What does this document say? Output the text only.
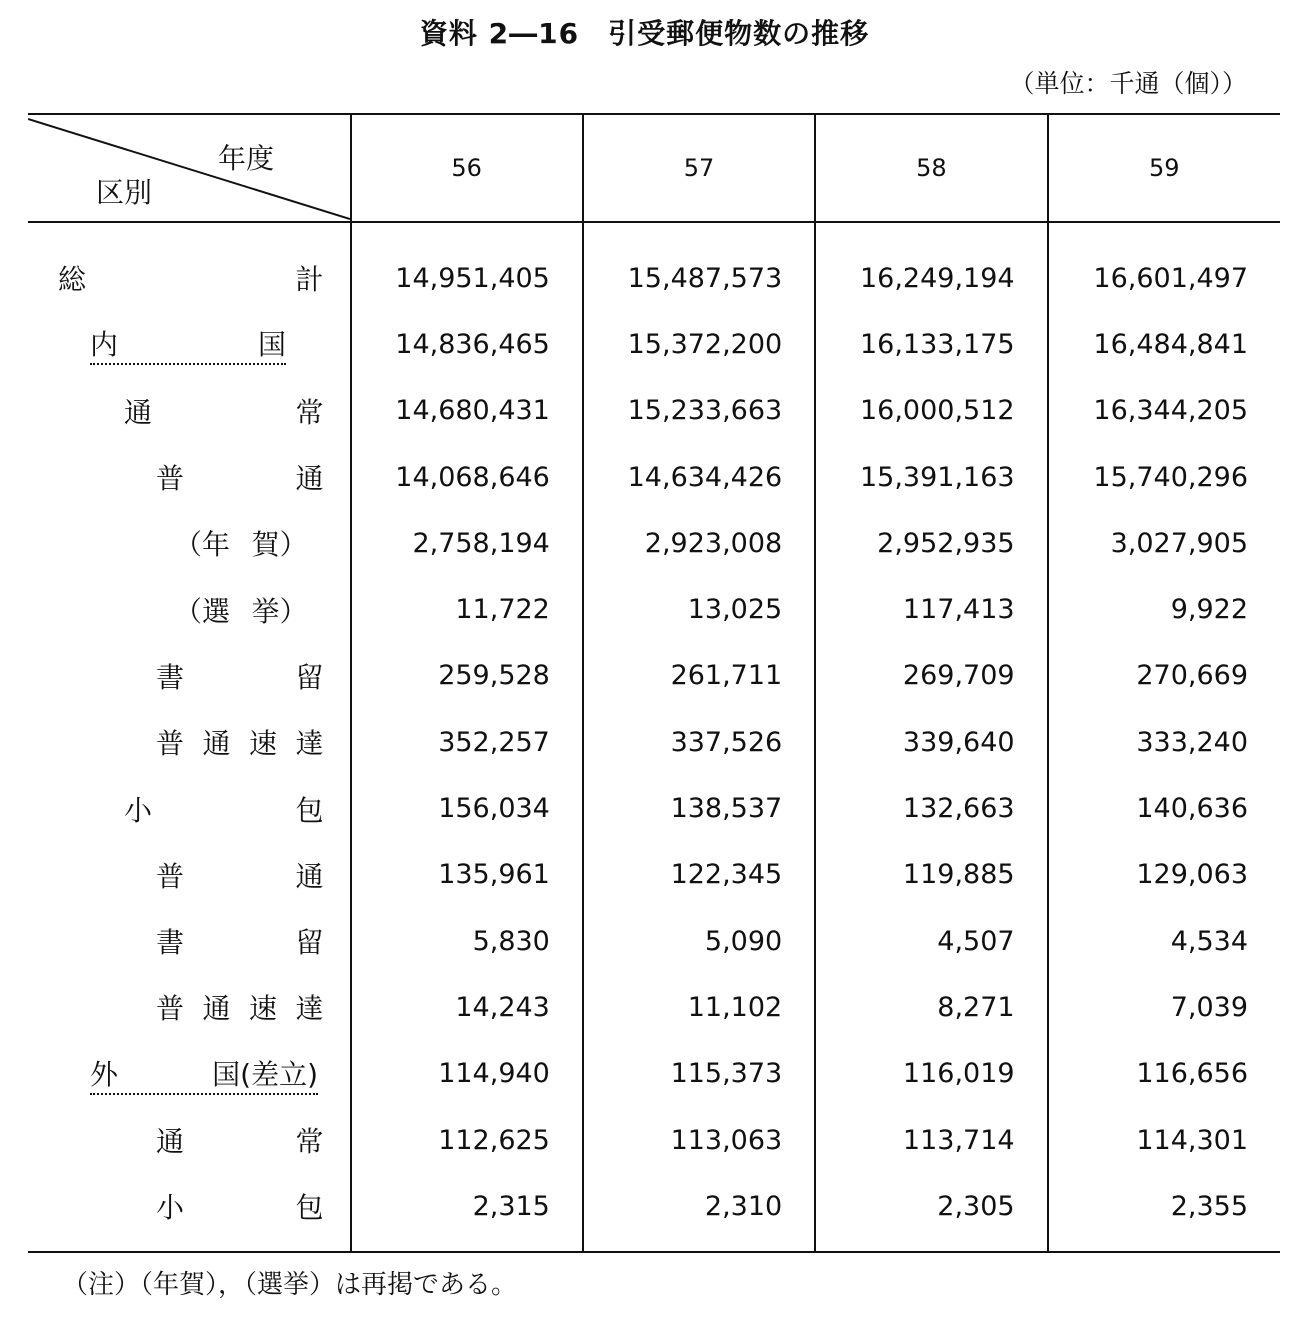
資料 2―16　引受郵便物数の推移
（単位：千通（個））
年度
区別	56	57	58	59

総 計	14,951,405	15,487,573	16,249,194	16,601,497

内 国	14,836,465	15,372,200	16,133,175	16,484,841

通 常	14,680,431	15,233,663	16,000,512	16,344,205

普 通	14,068,646	14,634,426	15,391,163	15,740,296

（年 賀）	2,758,194	2,923,008	2,952,935	3,027,905

（選 挙）	11,722	13,025	117,413	9,922

書 留	259,528	261,711	269,709	270,669

普 通 速 達	352,257	337,526	339,640	333,240

小 包	156,034	138,537	132,663	140,636

普 通	135,961	122,345	119,885	129,063

書 留	5,830	5,090	4,507	4,534

普 通 速 達	14,243	11,102	8,271	7,039

外 国(差立)	114,940	115,373	116,019	116,656

通 常	112,625	113,063	113,714	114,301

小 包	2,315	2,310	2,305	2,355
（注）（年賀），（選挙）は再掲である。
